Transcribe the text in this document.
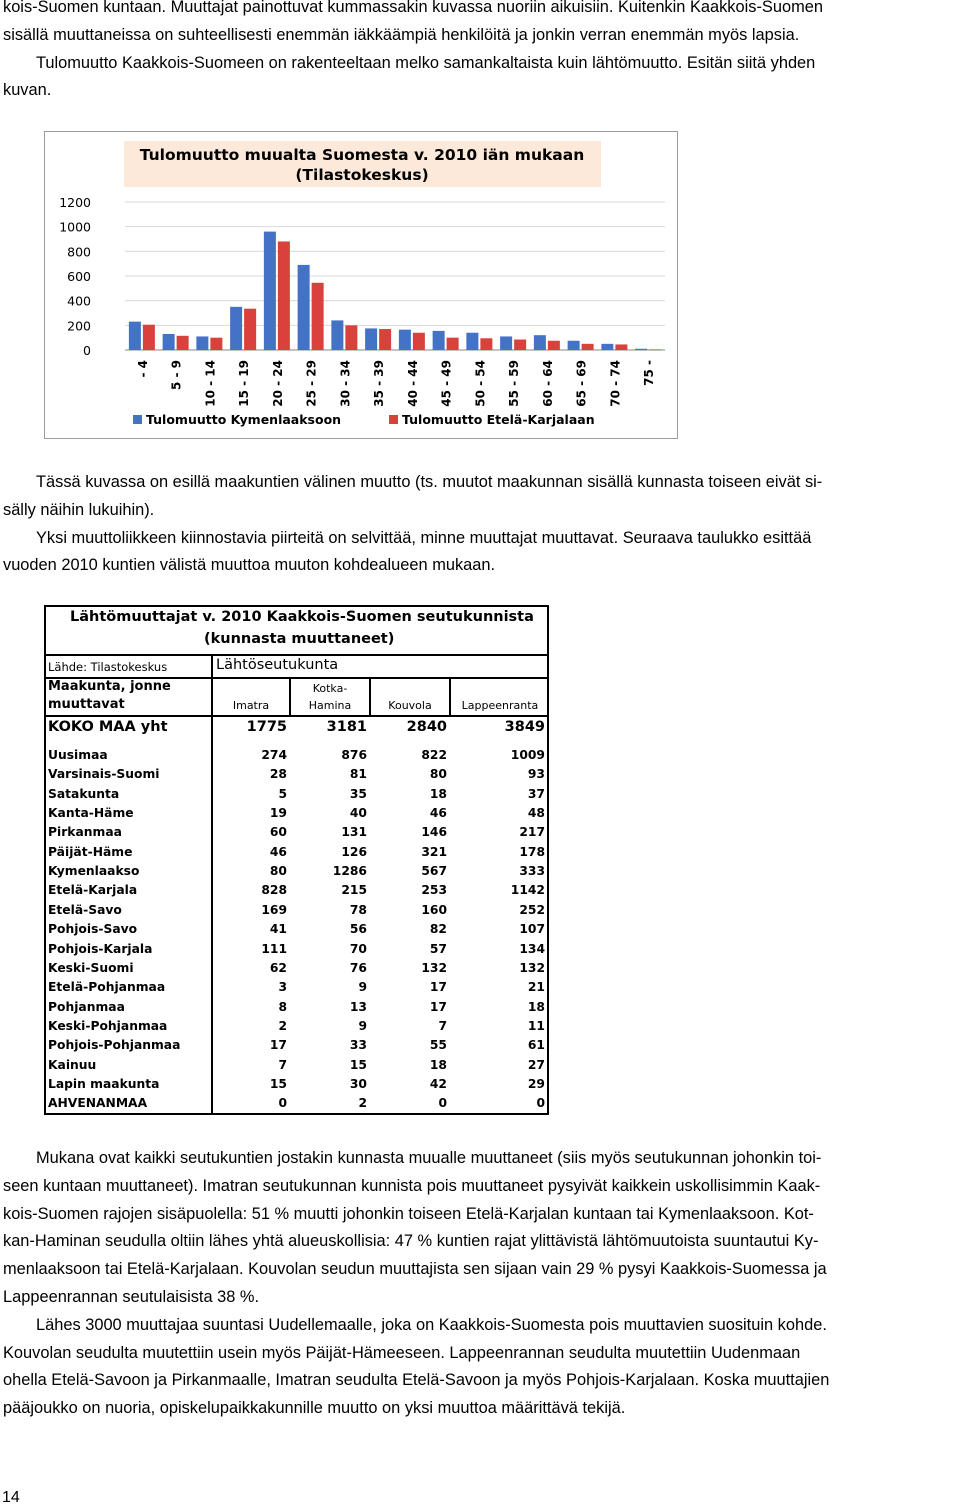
kois-Suomen kuntaan. Muuttajat painottuvat kummassakin kuvassa nuoriin aikuisiin. Kuitenkin Kaakkois-Suomen
sisällä muuttaneissa on suhteellisesti enemmän iäkkäämpiä henkilöitä ja jonkin verran enemmän myös lapsia.
Tulomuutto Kaakkois-Suomeen on rakenteeltaan melko samankaltaista kuin lähtömuutto. Esitän siitä yhden
kuvan.
Tulomuutto muualta Suomesta v. 2010 iän mukaan
(Tilastokeskus)
0
200
400
600
800
1000
1200
- 4 5 - 9 10 - 14 15 - 19 20 - 24 25 - 29 30 - 34 35 - 39 40 - 44 45 - 49 50 - 54 55 - 59 60 - 64 65 - 69 70 - 74 75 -
Tulomuutto Kymenlaaksoon	Tulomuutto Etelä-Karjalaan
Tässä kuvassa on esillä maakuntien välinen muutto (ts. muutot maakunnan sisällä kunnasta toiseen eivät si-
sälly näihin lukuihin).
Yksi muuttoliikkeen kiinnostavia piirteitä on selvittää, minne muuttajat muuttavat. Seuraava taulukko esittää
vuoden 2010 kuntien välistä muuttoa muuton kohdealueen mukaan.
Lähtömuuttajat v. 2010 Kaakkois-Suomen seutukunnista
(kunnasta muuttaneet)
Lähde: Tilastokeskus	Lähtöseutukunta
Maakunta, jonne
muuttavat	Imatra
Kotka-
Hamina	Kouvola	Lappeenranta
KOKO MAA yht	1775	3181	2840	3849
Uusimaa	274	876	822	1009
Varsinais-Suomi	28	81	80	93
Satakunta	5	35	18	37
Kanta-Häme	19	40	46	48
Pirkanmaa	60	131	146	217
Päijät-Häme	46	126	321	178
Kymenlaakso	80	1286	567	333
Etelä-Karjala	828	215	253	1142
Etelä-Savo	169	78	160	252
Pohjois-Savo	41	56	82	107
Pohjois-Karjala	111	70	57	134
Keski-Suomi	62	76	132	132
Etelä-Pohjanmaa	3	9	17	21
Pohjanmaa	8	13	17	18
Keski-Pohjanmaa	2	9	7	11
Pohjois-Pohjanmaa	17	33	55	61
Kainuu	7	15	18	27
Lapin maakunta	15	30	42	29
AHVENANMAA	0	2	0	0
Mukana ovat kaikki seutukuntien jostakin kunnasta muualle muuttaneet (siis myös seutukunnan johonkin toi-
seen kuntaan muuttaneet). Imatran seutukunnan kunnista pois muuttaneet pysyivät kaikkein uskollisimmin Kaak-
kois-Suomen rajojen sisäpuolella: 51 % muutti johonkin toiseen Etelä-Karjalan kuntaan tai Kymenlaaksoon. Kot-
kan-Haminan seudulla oltiin lähes yhtä alueuskollisia: 47 % kuntien rajat ylittävistä lähtömuutoista suuntautui Ky-
menlaaksoon tai Etelä-Karjalaan. Kouvolan seudun muuttajista sen sijaan vain 29 % pysyi Kaakkois-Suomessa ja
Lappeenrannan seutulaisista 38 %.
Lähes 3000 muuttajaa suuntasi Uudellemaalle, joka on Kaakkois-Suomesta pois muuttavien suosituin kohde.
Kouvolan seudulta muutettiin usein myös Päijät-Hämeeseen. Lappeenrannan seudulta muutettiin Uudenmaan
ohella Etelä-Savoon ja Pirkanmaalle, Imatran seudulta Etelä-Savoon ja myös Pohjois-Karjalaan. Koska muuttajien
pääjoukko on nuoria, opiskelupaikkakunnille muutto on yksi muuttoa määrittävä tekijä.
14
